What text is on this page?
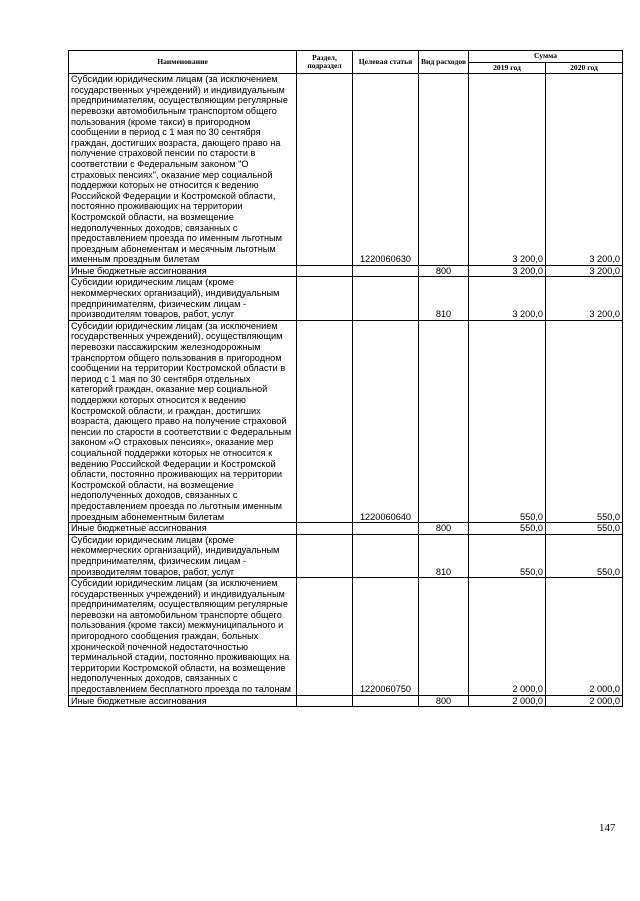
Наименование	Раздел, подраздел	Целевая статья	Вид расходов	Сумма	
				2019 год	2020 год
Субсидии юридическим лицам (за исключением государственных учреждений) и индивидуальным предпринимателям, осуществляющим регулярные перевозки автомобильным транспортом общего пользования (кроме такси) в пригородном сообщении в период с 1 мая по 30 сентября граждан, достигших возраста, дающего право на получение страховой пенсии по старости в соответствии с Федеральным законом "О страховых пенсиях", оказание мер социальной поддержки которых не относится к ведению Российской Федерации и Костромской области, постоянно проживающих на территории Костромской области, на возмещение недополученных доходов, связанных с предоставлением проезда по именным льготным проездным абонементам и месячным льготным именным проездным билетам		1220060630		3 200,0	3 200,0
Иные бюджетные ассигнования			800	3 200,0	3 200,0
Субсидии юридическим лицам (кроме некоммерческих организаций), индивидуальным предпринимателям, физическим лицам - производителям товаров, работ, услуг			810	3 200,0	3 200,0
Субсидии юридическим лицам (за исключением государственных учреждений), осуществляющим перевозки пассажирским железнодорожным транспортом общего пользования в пригородном сообщении на территории Костромской области в период с 1 мая по 30 сентября отдельных категорий граждан, оказание мер социальной поддержки которых относится к ведению Костромской области, и граждан, достигших возраста, дающего право на получение страховой пенсии по старости в соответствии с Федеральным законом «О страховых пенсиях», оказание мер социальной поддержки которых не относится к ведению Российской Федерации и Костромской области, постоянно проживающих на территории Костромской области, на возмещение недополученных доходов, связанных с предоставлением проезда по льготным именным проездным абонементным билетам		1220060640		550,0	550,0
Иные бюджетные ассигнования			800	550,0	550,0
Субсидии юридическим лицам (кроме некоммерческих организаций), индивидуальным предпринимателям, физическим лицам - производителям товаров, работ, услуг			810	550,0	550,0
Субсидии юридическим лицам (за исключением государственных учреждений) и индивидуальным предпринимателям, осуществляющим регулярные перевозки на автомобильном транспорте общего пользования (кроме такси) межмуниципального и пригородного сообщения граждан, больных хронической почечной недостаточностью терминальной стадии, постоянно проживающих на территории Костромской области, на возмещение недополученных доходов, связанных с предоставлением бесплатного проезда по талонам		1220060750		2 000,0	2 000,0
Иные бюджетные ассигнования			800	2 000,0	2 000,0
147
